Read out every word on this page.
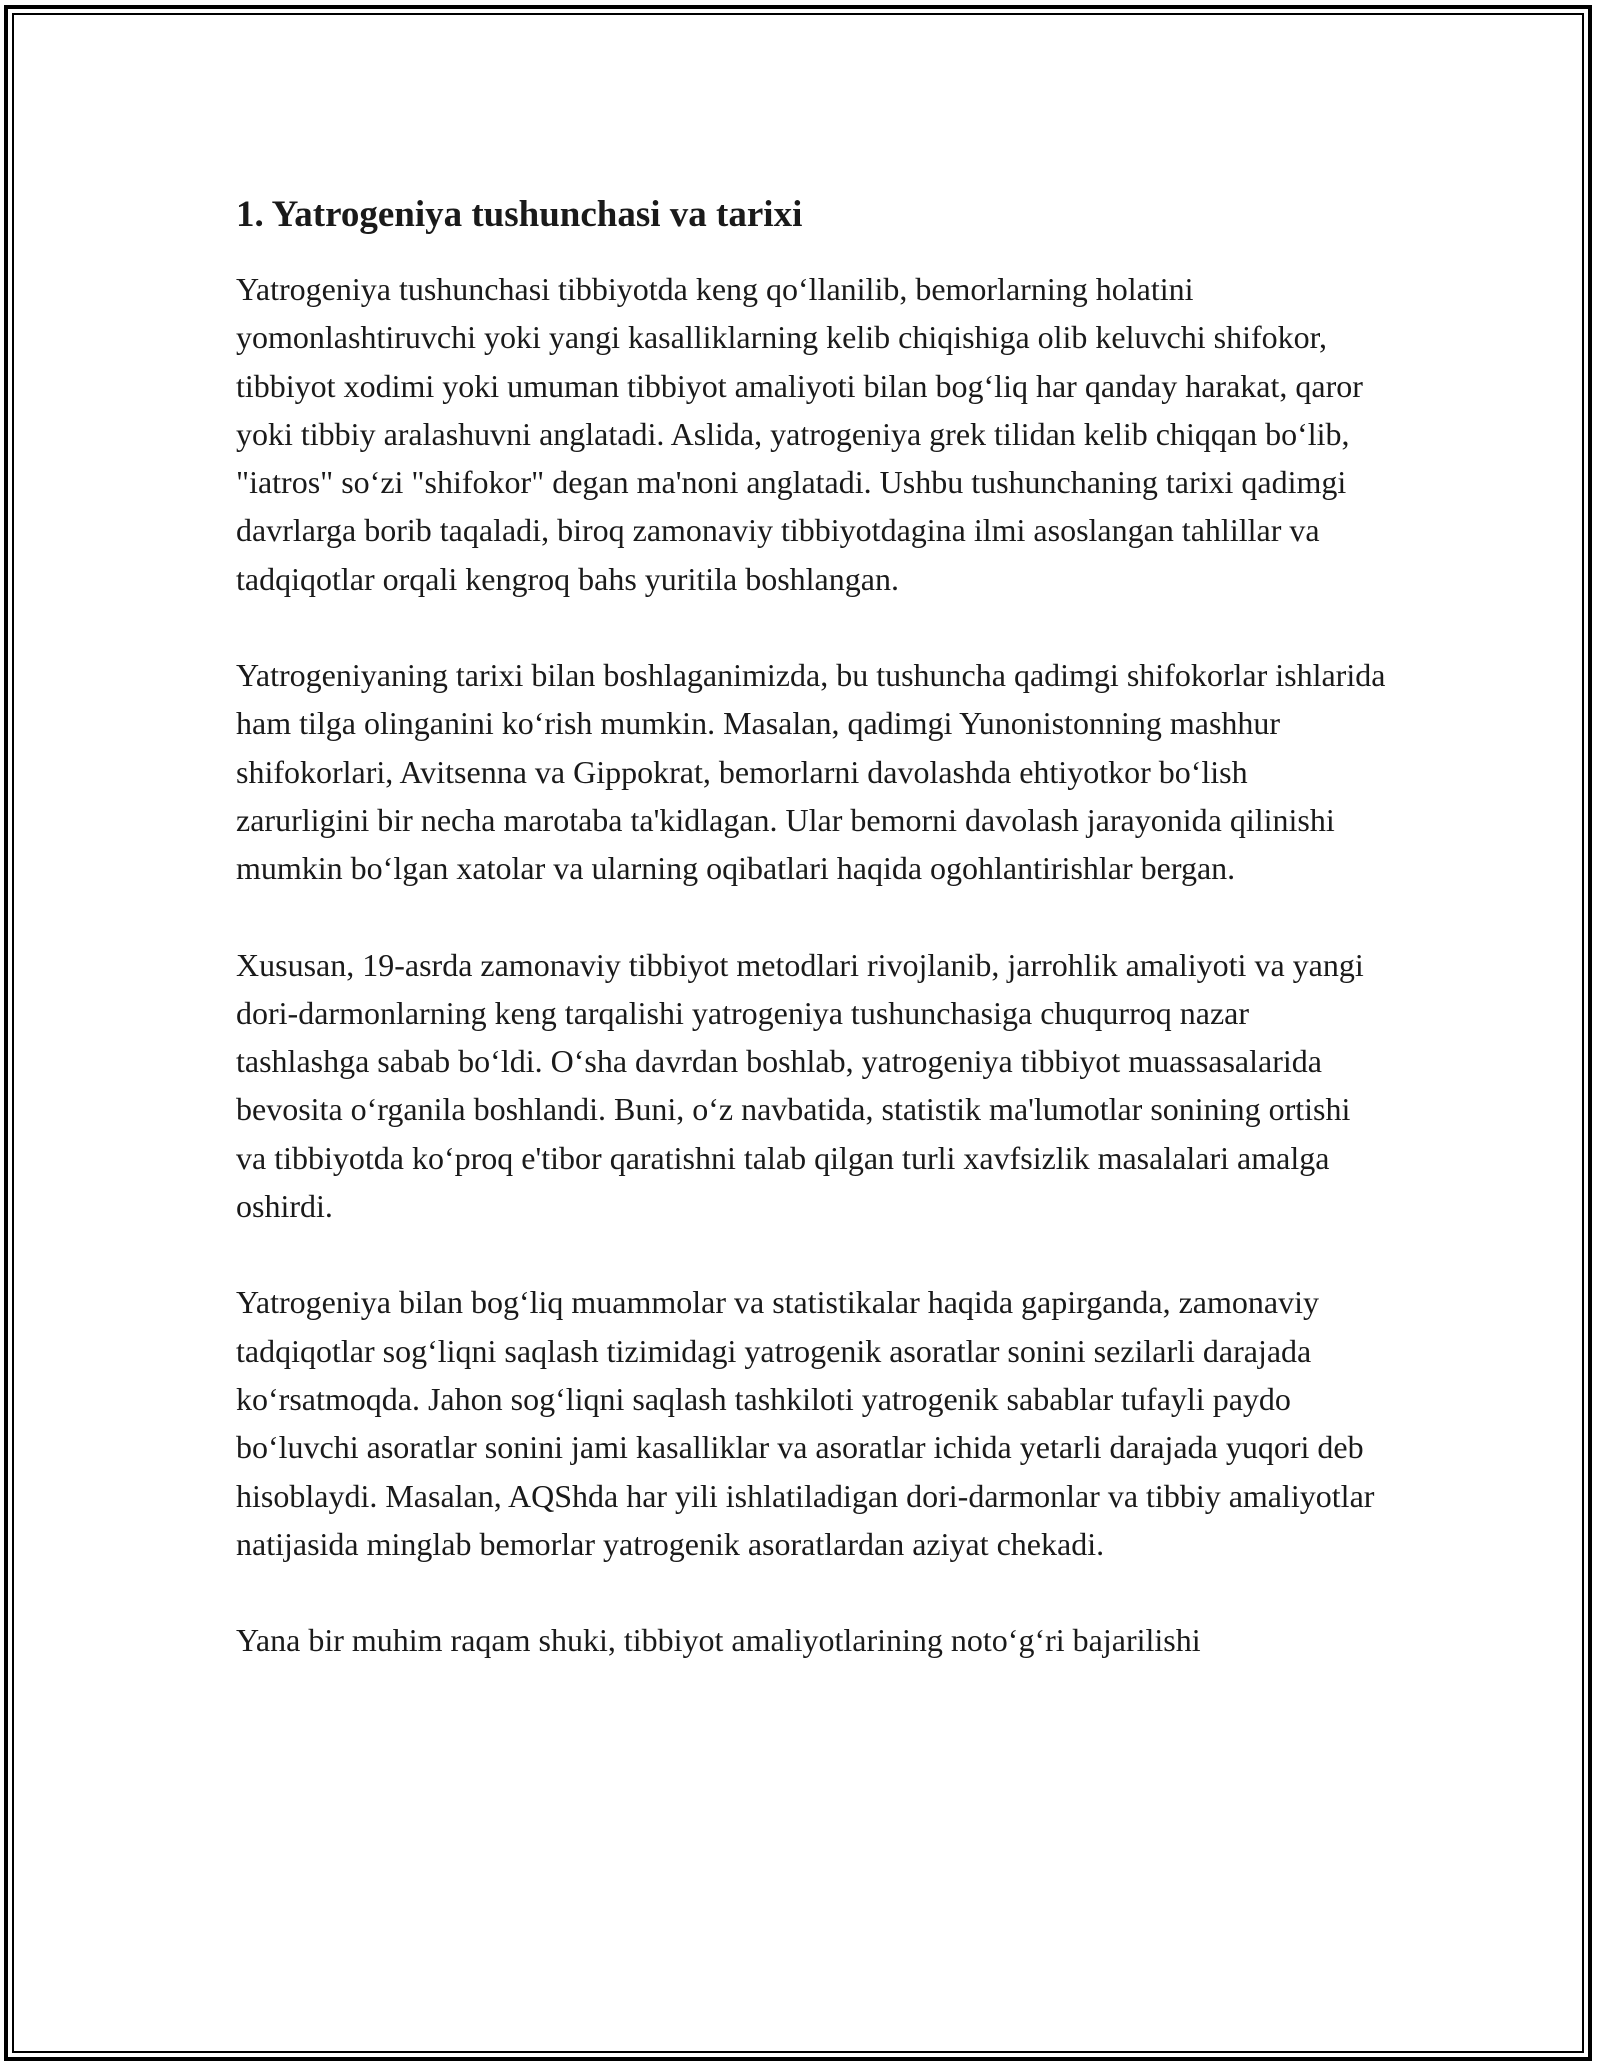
1. Yatrogeniya tushunchasi va tarixi

Yatrogeniya tushunchasi tibbiyotda keng qo‘llanilib, bemorlarning holatini yomonlashtiruvchi yoki yangi kasalliklarning kelib chiqishiga olib keluvchi shifokor, tibbiyot xodimi yoki umuman tibbiyot amaliyoti bilan bog‘liq har qanday harakat, qaror yoki tibbiy aralashuvni anglatadi. Aslida, yatrogeniya grek tilidan kelib chiqqan bo‘lib, "iatros" so‘zi "shifokor" degan ma'noni anglatadi. Ushbu tushunchaning tarixi qadimgi davrlarga borib taqaladi, biroq zamonaviy tibbiyotdagina ilmi asoslangan tahlillar va tadqiqotlar orqali kengroq bahs yuritila boshlangan.

Yatrogeniyaning tarixi bilan boshlaganimizda, bu tushuncha qadimgi shifokorlar ishlarida ham tilga olinganini ko‘rish mumkin. Masalan, qadimgi Yunonistonning mashhur shifokorlari, Avitsenna va Gippokrat, bemorlarni davolashda ehtiyotkor bo‘lish zarurligini bir necha marotaba ta'kidlagan. Ular bemorni davolash jarayonida qilinishi mumkin bo‘lgan xatolar va ularning oqibatlari haqida ogohlantirishlar bergan.

Xususan, 19-asrda zamonaviy tibbiyot metodlari rivojlanib, jarrohlik amaliyoti va yangi dori-darmonlarning keng tarqalishi yatrogeniya tushunchasiga chuqurroq nazar tashlashga sabab bo‘ldi. O‘sha davrdan boshlab, yatrogeniya tibbiyot muassasalarida bevosita o‘rganila boshlandi. Buni, o‘z navbatida, statistik ma'lumotlar sonining ortishi va tibbiyotda ko‘proq e'tibor qaratishni talab qilgan turli xavfsizlik masalalari amalga oshirdi.

Yatrogeniya bilan bog‘liq muammolar va statistikalar haqida gapirganda, zamonaviy tadqiqotlar sog‘liqni saqlash tizimidagi yatrogenik asoratlar sonini sezilarli darajada ko‘rsatmoqda. Jahon sog‘liqni saqlash tashkiloti yatrogenik sabablar tufayli paydo bo‘luvchi asoratlar sonini jami kasalliklar va asoratlar ichida yetarli darajada yuqori deb hisoblaydi. Masalan, AQShda har yili ishlatiladigan dori-darmonlar va tibbiy amaliyotlar natijasida minglab bemorlar yatrogenik asoratlardan aziyat chekadi.

Yana bir muhim raqam shuki, tibbiyot amaliyotlarining noto‘g‘ri bajarilishi
